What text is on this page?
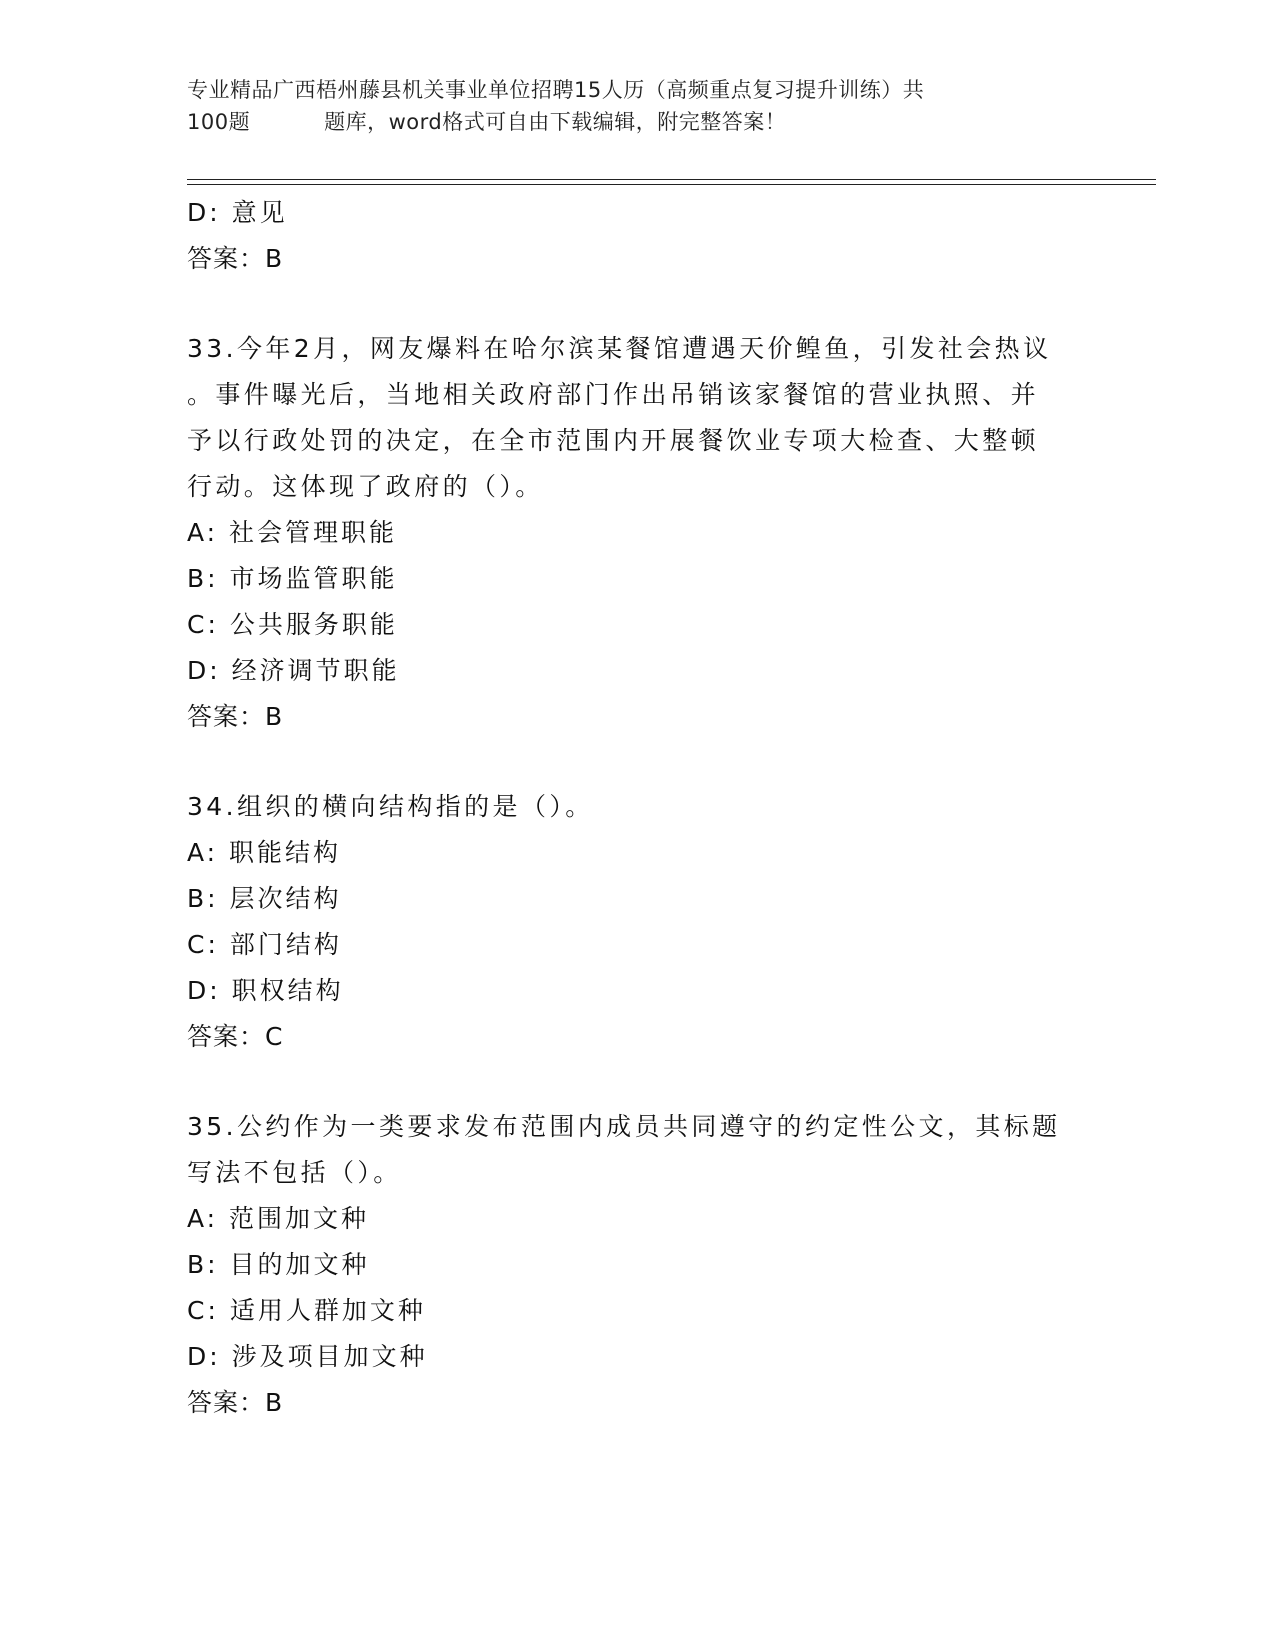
专业精品广西梧州藤县机关事业单位招聘15人历（高频重点复习提升训练）共
100题	题库，word格式可自由下载编辑，附完整答案！
D: 意见
答案：B
33.今年2月，网友爆料在哈尔滨某餐馆遭遇天价鳇鱼，引发社会热议
。事件曝光后，当地相关政府部门作出吊销该家餐馆的营业执照、并
予以行政处罚的决定，在全市范围内开展餐饮业专项大检查、大整顿
行动。这体现了政府的（）。
A: 社会管理职能
B: 市场监管职能
C: 公共服务职能
D: 经济调节职能
答案：B
34.组织的横向结构指的是（）。
A: 职能结构
B: 层次结构
C: 部门结构
D: 职权结构
答案：C
35.公约作为一类要求发布范围内成员共同遵守的约定性公文，其标题
写法不包括（）。
A: 范围加文种
B: 目的加文种
C: 适用人群加文种
D: 涉及项目加文种
答案：B
